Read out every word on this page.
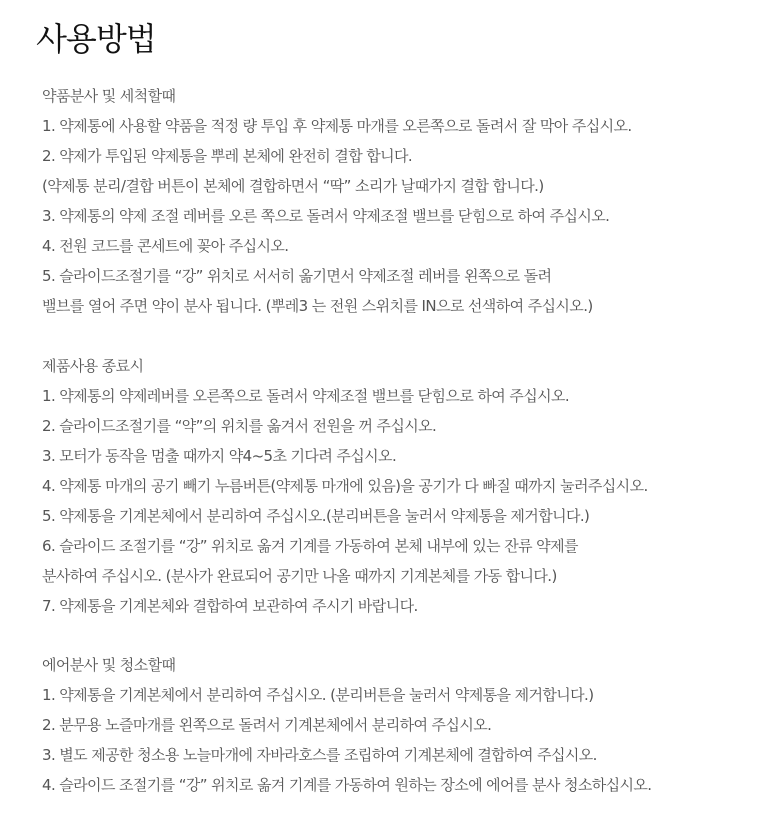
사용방법
약품분사 및 세척할때
1. 약제통에 사용할 약품을 적정 량 투입 후 약제통 마개를 오른쪽으로 돌려서 잘 막아 주십시오.
2. 약제가 투입된 약제통을 뿌레 본체에 완전히 결합 합니다.
(약제통 분리/결합 버튼이 본체에 결합하면서 “딱” 소리가 날때가지 결합 합니다.)
3. 약제통의 약제 조절 레버를 오른 쪽으로 돌려서 약제조절 밸브를 닫힘으로 하여 주십시오.
4. 전원 코드를 콘세트에 꽂아 주십시오.
5. 슬라이드조절기를 “강” 위치로 서서히 옮기면서 약제조절 레버를 왼쪽으로 돌려
밸브를 열어 주면 약이 분사 됩니다. (뿌레3 는 전원 스위치를 IN으로 선색하여 주십시오.)
제품사용 종료시
1. 약제통의 약제레버를 오른쪽으로 돌려서 약제조절 밸브를 닫힘으로 하여 주십시오.
2. 슬라이드조절기를 “약”의 위치를 옮겨서 전원을 꺼 주십시오.
3. 모터가 동작을 멈출 때까지 약4~5초 기다려 주십시오.
4. 약제통 마개의 공기 빼기 누름버튼(약제통 마개에 있음)을 공기가 다 빠질 때까지 눌러주십시오.
5. 약제통을 기계본체에서 분리하여 주십시오.(분리버튼을 눌러서 약제통을 제거합니다.)
6. 슬라이드 조절기를 “강” 위치로 옮겨 기계를 가동하여 본체 내부에 있는 잔류 약제를
분사하여 주십시오. (분사가 완료되어 공기만 나올 때까지 기계본체를 가동 합니다.)
7. 약제통을 기계본체와 결합하여 보관하여 주시기 바랍니다.
에어분사 및 청소할때
1. 약제통을 기계본체에서 분리하여 주십시오. (분리버튼을 눌러서 약제통을 제거합니다.)
2. 분무용 노즐마개를 왼쪽으로 돌려서 기계본체에서 분리하여 주십시오.
3. 별도 제공한 청소용 노늘마개에 자바라호스를 조립하여 기계본체에 결합하여 주십시오.
4. 슬라이드 조절기를 “강” 위치로 옮겨 기계를 가동하여 원하는 장소에 에어를 분사 청소하십시오.
